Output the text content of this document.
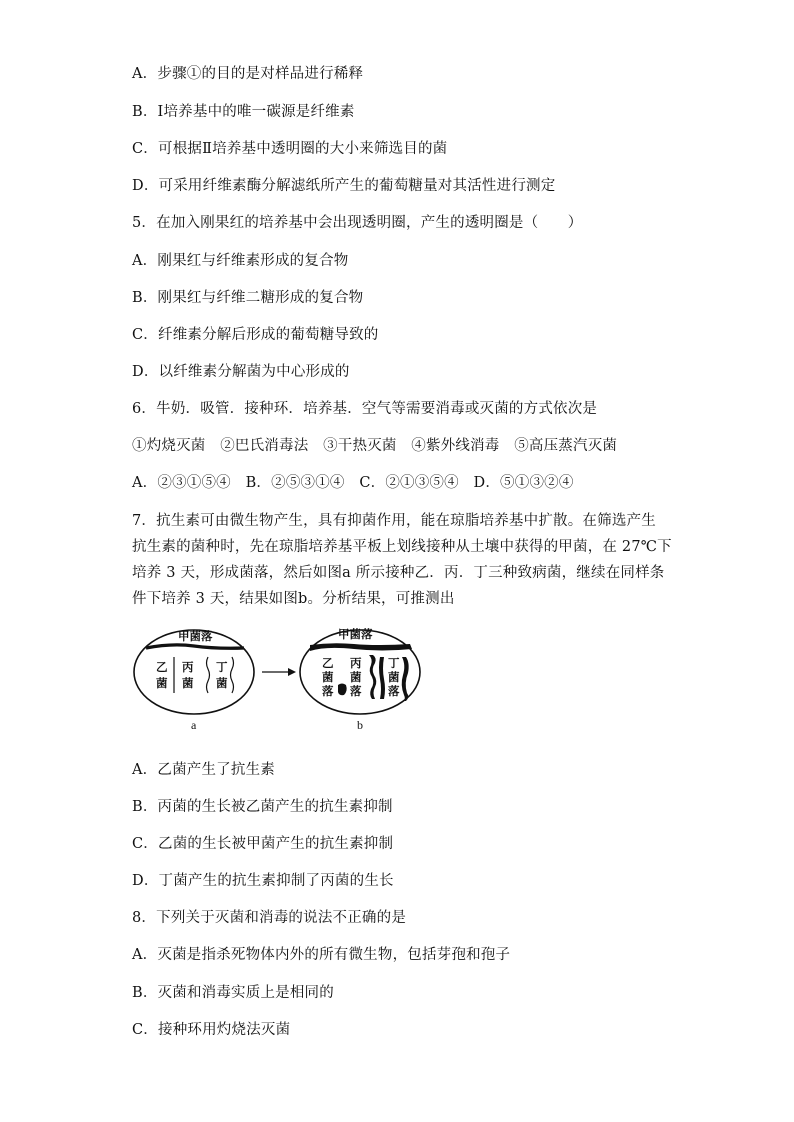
A．步骤①的目的是对样品进行稀释
B．Ⅰ培养基中的唯一碳源是纤维素
C．可根据Ⅱ培养基中透明圈的大小来筛选目的菌
D．可采用纤维素酶分解滤纸所产生的葡萄糖量对其活性进行测定
5．在加入刚果红的培养基中会出现透明圈，产生的透明圈是（　　）
A．刚果红与纤维素形成的复合物
B．刚果红与纤维二糖形成的复合物
C．纤维素分解后形成的葡萄糖导致的
D．以纤维素分解菌为中心形成的
6．牛奶．吸管．接种环．培养基．空气等需要消毒或灭菌的方式依次是
①灼烧灭菌　②巴氏消毒法　③干热灭菌　④紫外线消毒　⑤高压蒸汽灭菌
A．②③①⑤④　B．②⑤③①④　C．②①③⑤④　D．⑤①③②④
7．抗生素可由微生物产生，具有抑菌作用，能在琼脂培养基中扩散。在筛选产生
抗生素的菌种时，先在琼脂培养基平板上划线接种从土壤中获得的甲菌，在 27℃下
培养 3 天，形成菌落，然后如图a 所示接种乙．丙．丁三种致病菌，继续在同样条
件下培养 3 天，结果如图b。分析结果，可推测出
甲菌落
乙
菌
丙
菌
丁
菌
a
甲菌落
乙
菌
落
丙
菌
落
丁
菌
落
b
A．乙菌产生了抗生素
B．丙菌的生长被乙菌产生的抗生素抑制
C．乙菌的生长被甲菌产生的抗生素抑制
D．丁菌产生的抗生素抑制了丙菌的生长
8．下列关于灭菌和消毒的说法不正确的是
A．灭菌是指杀死物体内外的所有微生物，包括芽孢和孢子
B．灭菌和消毒实质上是相同的
C．接种环用灼烧法灭菌
